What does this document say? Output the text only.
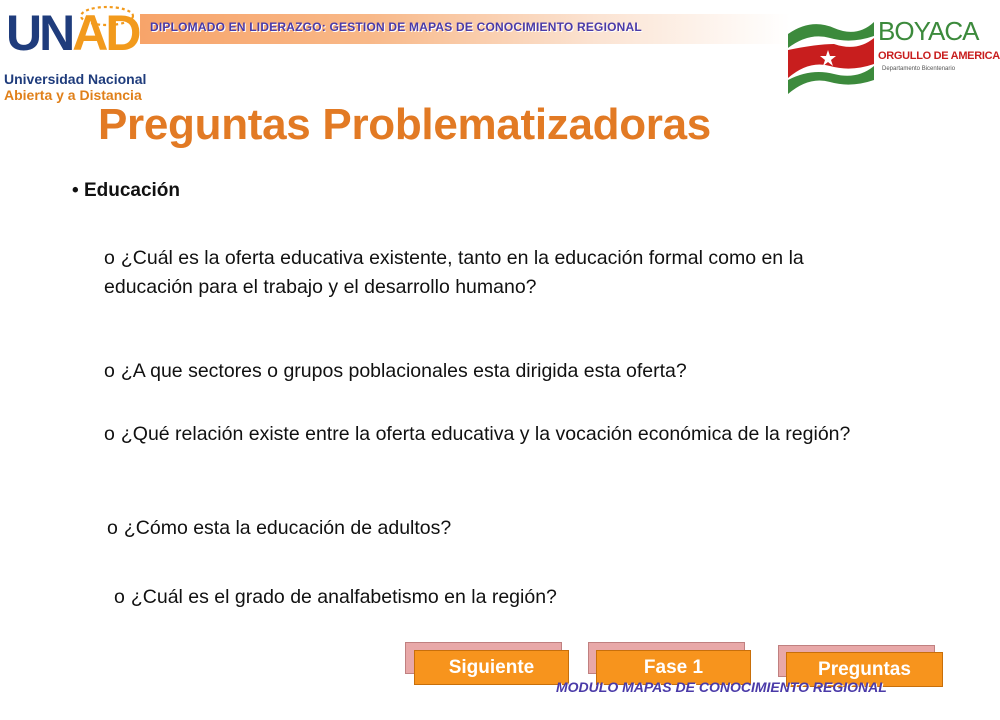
DIPLOMADO EN LIDERAZGO: GESTION DE MAPAS DE CONOCIMIENTO REGIONAL
UNAD
Universidad Nacional
Abierta y a Distancia
BOYACA
ORGULLO DE AMERICA
Departamento Bicentenario
Preguntas Problematizadoras
• Educación
o ¿Cuál es la oferta educativa existente, tanto en la educación formal como en la educación para el trabajo y el desarrollo humano?
o ¿A que sectores o grupos poblacionales esta dirigida esta oferta?
o ¿Qué relación existe entre la oferta educativa y la vocación económica de la región?
o ¿Cómo esta la educación de adultos?
o ¿Cuál es el grado de analfabetismo en la región?
Siguiente	Fase 1	Preguntas
MODULO MAPAS DE CONOCIMIENTO REGIONAL
